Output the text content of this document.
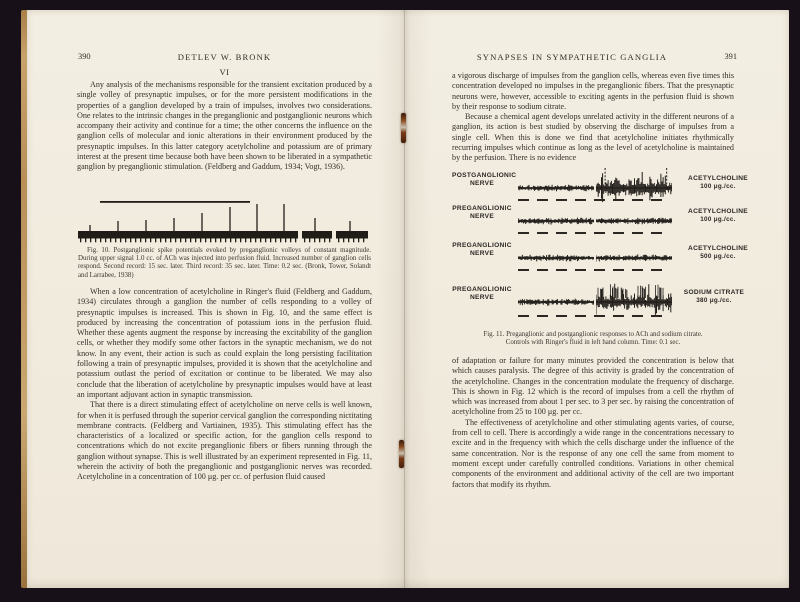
390	DETLEV W. BRONK
VI

Any analysis of the mechanisms responsible for the transient excitation produced by a single volley of presynaptic impulses, or for the more persistent modifications in the properties of a ganglion developed by a train of impulses, involves two considerations. One relates to the intrinsic changes in the preganglionic and postganglionic neurons which accompany their activity and continue for a time; the other concerns the influence on the ganglion cells of molecular and ionic alterations in their environment produced by the presynaptic impulses. In this latter category acetylcholine and potassium are of primary interest at the present time because both have been shown to be liberated in a sympathetic ganglion by preganglionic stimulation. (Feldberg and Gaddum, 1934; Vogt, 1936).

Fig. 10. Postganglionic spike potentials evoked by preganglionic volleys of constant magnitude. During upper signal 1.0 cc. of ACh was injected into perfusion fluid. Increased number of ganglion cells respond. Second record: 15 sec. later. Third record: 35 sec. later. Time: 0.2 sec. (Bronk, Tower, Solandt and Larrabee, 1938)

When a low concentration of acetylcholine in Ringer's fluid (Feldberg and Gaddum, 1934) circulates through a ganglion the number of cells responding to a volley of presynaptic impulses is increased. This is shown in Fig. 10, and the same effect is produced by increasing the concentration of potassium ions in the perfusion fluid. Whether these agents augment the response by increasing the excitability of the ganglion cells, or whether they modify some other factors in the synaptic mechanism, we do not know. In any event, their action is such as could explain the long persisting facilitation following a train of presynaptic impulses, provided it is shown that the acetylcholine and potassium outlast the period of excitation or continue to be liberated. We may also conclude that the liberation of acetylcholine by presynaptic impulses would have at least an important adjuvant action in synaptic transmission.

That there is a direct stimulating effect of acetylcholine on nerve cells is well known, for when it is perfused through the superior cervical ganglion the corresponding nictitating membrane contracts. (Feldberg and Vartiainen, 1935). This stimulating effect has the characteristics of a localized or specific action, for the ganglion cells respond to concentrations which do not excite preganglionic fibers or fibers running through the ganglion without synapse. This is well illustrated by an experiment represented in Fig. 11, wherein the activity of both the preganglionic and postganglionic nerves was recorded. Acetylcholine in a concentration of 100 μg. per cc. of perfusion fluid caused

SYNAPSES IN SYMPATHETIC GANGLIA	391

a vigorous discharge of impulses from the ganglion cells, whereas even five times this concentration developed no impulses in the preganglionic fibers. That the presynaptic neurons were, however, accessible to exciting agents in the perfusion fluid is shown by their response to sodium citrate.

Because a chemical agent develops unrelated activity in the different neurons of a ganglion, its action is best studied by observing the discharge of impulses from a single cell. When this is done we find that acetylcholine initiates rhythmically recurring impulses which continue as long as the level of acetylcholine is maintained by the perfusion. There is no evidence

POSTGANGLIONIC
NERVE
ACETYLCHOLINE
100 μg./cc.
PREGANGLIONIC
NERVE
ACETYLCHOLINE
100 μg./cc.
PREGANGLIONIC
NERVE
ACETYLCHOLINE
500 μg./cc.
PREGANGLIONIC
NERVE
SODIUM CITRATE
380 μg./cc.
Fig. 11. Preganglionic and postganglionic responses to ACh and sodium citrate.
Controls with Ringer's fluid in left hand column. Time: 0.1 sec.

of adaptation or failure for many minutes provided the concentration is below that which causes paralysis. The degree of this activity is graded by the concentration of the acetylcholine. Changes in the concentration modulate the frequency of discharge. This is shown in Fig. 12 which is the record of impulses from a cell the rhythm of which was increased from about 1 per sec. to 3 per sec. by raising the concentration of acetylcholine from 25 to 100 μg. per cc.

The effectiveness of acetylcholine and other stimulating agents varies, of course, from cell to cell. There is accordingly a wide range in the concentrations necessary to excite and in the frequency with which the cells discharge under the influence of the same concentration. Nor is the response of any one cell the same from moment to moment except under carefully controlled conditions. Variations in other chemical components of the environment and additional activity of the cell are two important factors that modify its rhythm.
